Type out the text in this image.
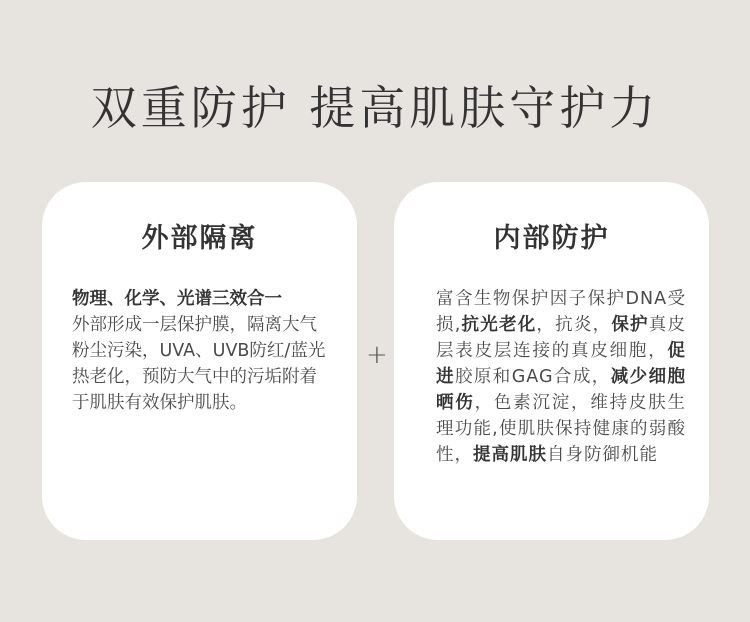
双重防护 提高肌肤守护力
外部隔离
物理、化学、光谱三效合一
外部形成一层保护膜，隔离大气粉尘污染，UVA、UVB防红/蓝光热老化，预防大气中的污垢附着于肌肤有效保护肌肤。
+
内部防护
富含生物保护因子保护DNA受损,抗光老化，抗炎，保护真皮层表皮层连接的真皮细胞，促进胶原和GAG合成，减少细胞晒伤，色素沉淀，维持皮肤生理功能,使肌肤保持健康的弱酸性，提高肌肤自身防御机能
